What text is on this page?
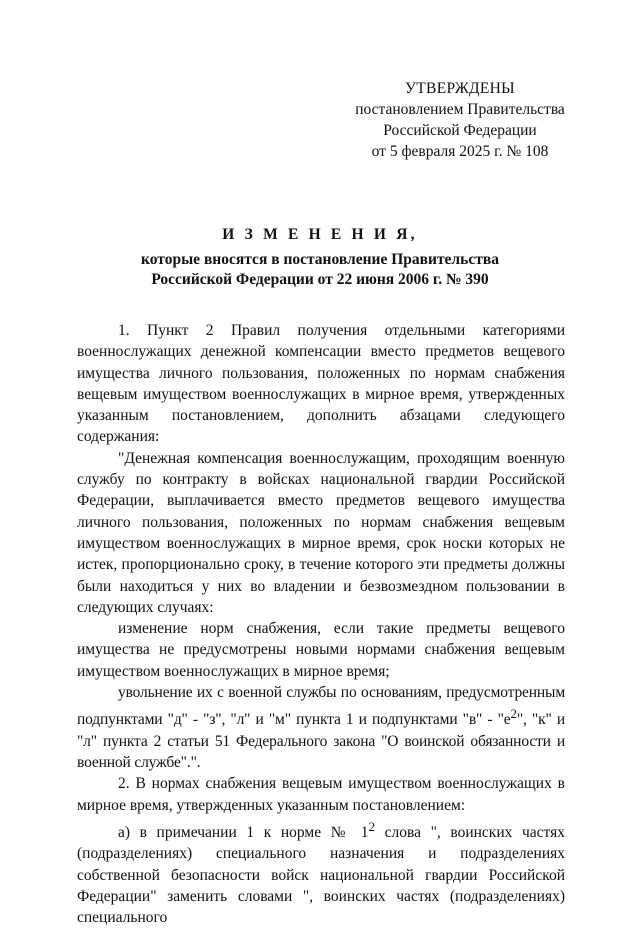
УТВЕРЖДЕНЫ
постановлением Правительства
Российской Федерации
от 5 февраля 2025 г. № 108
И З М Е Н Е Н И Я,
которые вносятся в постановление Правительства
Российской Федерации от 22 июня 2006 г. № 390

1. Пункт 2 Правил получения отдельными категориями военнослужащих денежной компенсации вместо предметов вещевого имущества личного пользования, положенных по нормам снабжения вещевым имуществом военнослужащих в мирное время, утвержденных указанным постановлением, дополнить абзацами следующего содержания:

"Денежная компенсация военнослужащим, проходящим военную службу по контракту в войсках национальной гвардии Российской Федерации, выплачивается вместо предметов вещевого имущества личного пользования, положенных по нормам снабжения вещевым имуществом военнослужащих в мирное время, срок носки которых не истек, пропорционально сроку, в течение которого эти предметы должны были находиться у них во владении и безвозмездном пользовании в следующих случаях:

изменение норм снабжения, если такие предметы вещевого имущества не предусмотрены новыми нормами снабжения вещевым имуществом военнослужащих в мирное время;

увольнение их с военной службы по основаниям, предусмотренным подпунктами "д" - "з", "л" и "м" пункта 1 и подпунктами "в" - "$е^2$", "к" и "л" пункта 2 статьи 51 Федерального закона "О воинской обязанности и военной службе".".

2. В нормах снабжения вещевым имуществом военнослужащих в мирное время, утвержденных указанным постановлением:

а) в примечании 1 к норме № $1^2$ слова ", воинских частях (подразделениях) специального назначения и подразделениях собственной безопасности войск национальной гвардии Российской Федерации" заменить словами ", воинских частях (подразделениях) специального
